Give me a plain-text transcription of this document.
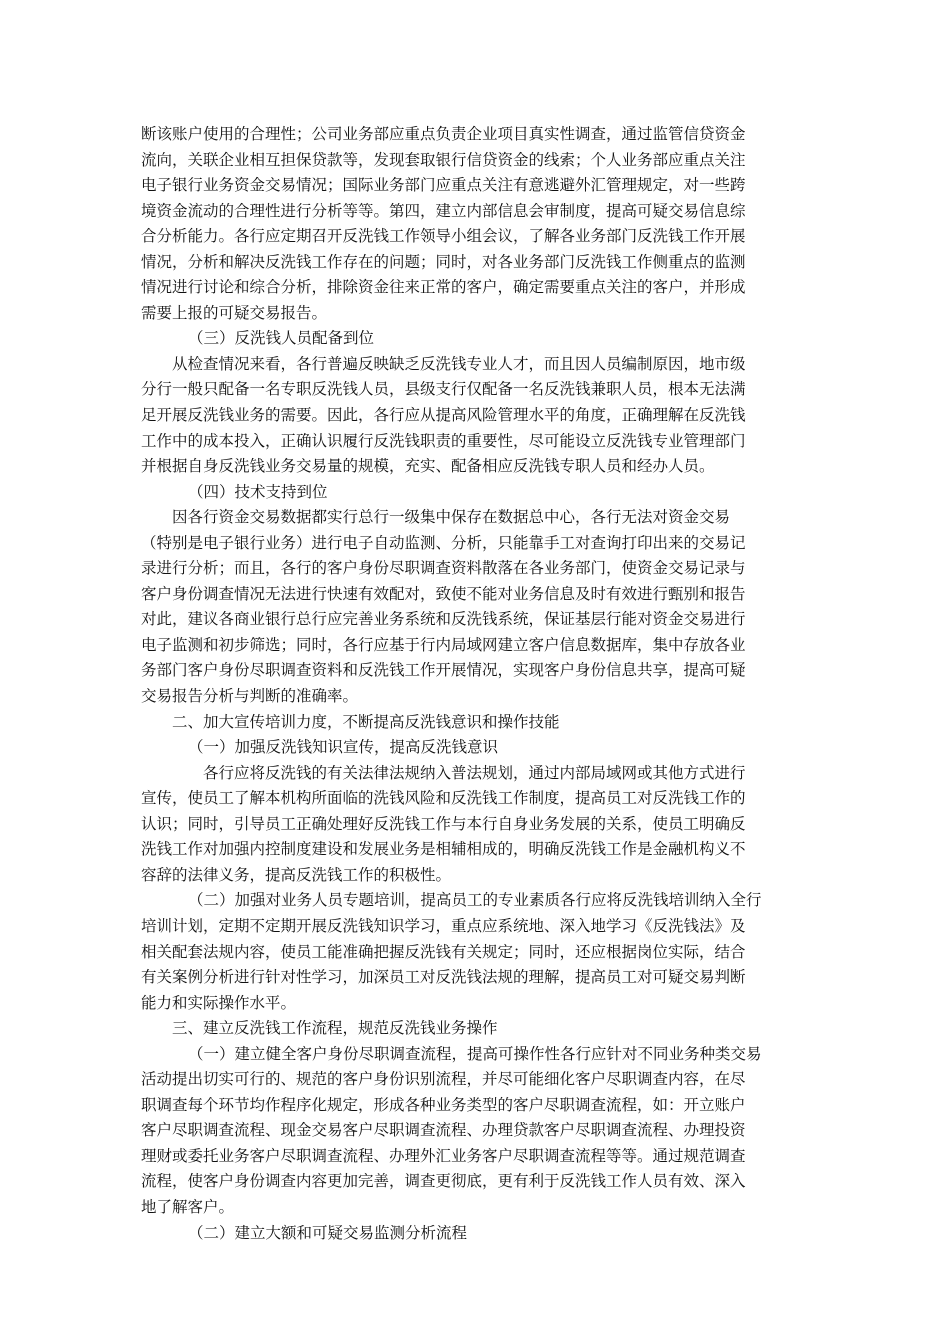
断该账户使用的合理性；公司业务部应重点负责企业项目真实性调查，通过监管信贷资金
流向，关联企业相互担保贷款等，发现套取银行信贷资金的线索；个人业务部应重点关注
电子银行业务资金交易情况；国际业务部门应重点关注有意逃避外汇管理规定，对一些跨
境资金流动的合理性进行分析等等。第四，建立内部信息会审制度，提高可疑交易信息综
合分析能力。各行应定期召开反洗钱工作领导小组会议，了解各业务部门反洗钱工作开展
情况，分析和解决反洗钱工作存在的问题；同时，对各业务部门反洗钱工作侧重点的监测
情况进行讨论和综合分析，排除资金往来正常的客户，确定需要重点关注的客户，并形成
需要上报的可疑交易报告。
（三）反洗钱人员配备到位
从检查情况来看，各行普遍反映缺乏反洗钱专业人才，而且因人员编制原因，地市级
分行一般只配备一名专职反洗钱人员，县级支行仅配备一名反洗钱兼职人员，根本无法满
足开展反洗钱业务的需要。因此，各行应从提高风险管理水平的角度，正确理解在反洗钱
工作中的成本投入，正确认识履行反洗钱职责的重要性，尽可能设立反洗钱专业管理部门
并根据自身反洗钱业务交易量的规模，充实、配备相应反洗钱专职人员和经办人员。
（四）技术支持到位
因各行资金交易数据都实行总行一级集中保存在数据总中心，各行无法对资金交易
（特别是电子银行业务）进行电子自动监测、分析，只能靠手工对查询打印出来的交易记
录进行分析；而且，各行的客户身份尽职调查资料散落在各业务部门，使资金交易记录与
客户身份调查情况无法进行快速有效配对，致使不能对业务信息及时有效进行甄别和报告
对此，建议各商业银行总行应完善业务系统和反洗钱系统，保证基层行能对资金交易进行
电子监测和初步筛选；同时，各行应基于行内局域网建立客户信息数据库，集中存放各业
务部门客户身份尽职调查资料和反洗钱工作开展情况，实现客户身份信息共享，提高可疑
交易报告分析与判断的准确率。
二、加大宣传培训力度，不断提高反洗钱意识和操作技能
（一）加强反洗钱知识宣传，提高反洗钱意识
各行应将反洗钱的有关法律法规纳入普法规划，通过内部局域网或其他方式进行
宣传，使员工了解本机构所面临的洗钱风险和反洗钱工作制度，提高员工对反洗钱工作的
认识；同时，引导员工正确处理好反洗钱工作与本行自身业务发展的关系，使员工明确反
洗钱工作对加强内控制度建设和发展业务是相辅相成的，明确反洗钱工作是金融机构义不
容辞的法律义务，提高反洗钱工作的积极性。
（二）加强对业务人员专题培训，提高员工的专业素质各行应将反洗钱培训纳入全行
培训计划，定期不定期开展反洗钱知识学习，重点应系统地、深入地学习《反洗钱法》及
相关配套法规内容，使员工能准确把握反洗钱有关规定；同时，还应根据岗位实际，结合
有关案例分析进行针对性学习，加深员工对反洗钱法规的理解，提高员工对可疑交易判断
能力和实际操作水平。
三、建立反洗钱工作流程，规范反洗钱业务操作
（一）建立健全客户身份尽职调查流程，提高可操作性各行应针对不同业务种类交易
活动提出切实可行的、规范的客户身份识别流程，并尽可能细化客户尽职调查内容，在尽
职调查每个环节均作程序化规定，形成各种业务类型的客户尽职调查流程，如：开立账户
客户尽职调查流程、现金交易客户尽职调查流程、办理贷款客户尽职调查流程、办理投资
理财或委托业务客户尽职调查流程、办理外汇业务客户尽职调查流程等等。通过规范调查
流程，使客户身份调查内容更加完善，调查更彻底，更有利于反洗钱工作人员有效、深入
地了解客户。
（二）建立大额和可疑交易监测分析流程
